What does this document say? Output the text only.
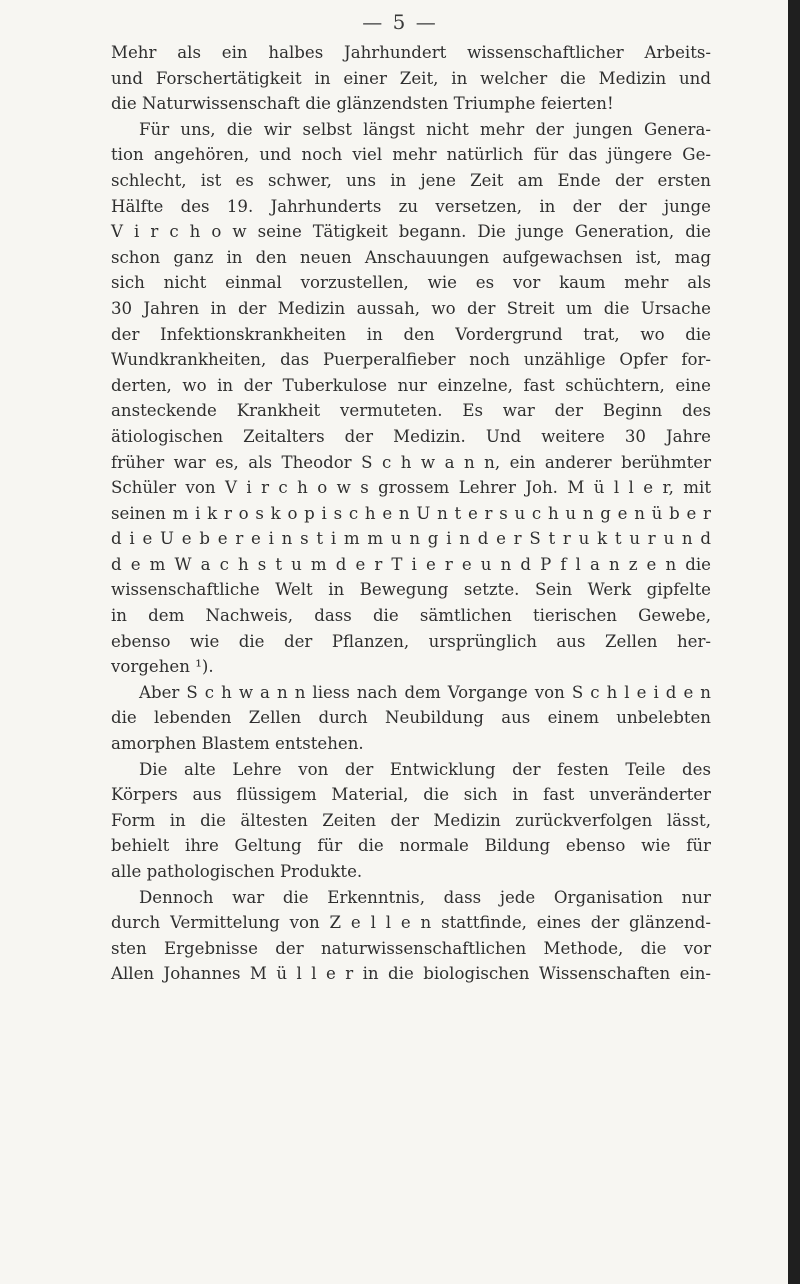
— 5 —
Mehr als ein halbes Jahrhundert wissenschaftlicher Arbeits-
und Forschertätigkeit in einer Zeit, in welcher die Medizin und
die Naturwissenschaft die glänzendsten Triumphe feierten!
Für uns, die wir selbst längst nicht mehr der jungen Genera-
tion angehören, und noch viel mehr natürlich für das jüngere Ge-
schlecht, ist es schwer, uns in jene Zeit am Ende der ersten
Hälfte des 19. Jahrhunderts zu versetzen, in der der junge
V i r c h o w seine Tätigkeit begann. Die junge Generation, die
schon ganz in den neuen Anschauungen aufgewachsen ist, mag
sich nicht einmal vorzustellen, wie es vor kaum mehr als
30 Jahren in der Medizin aussah, wo der Streit um die Ursache
der Infektionskrankheiten in den Vordergrund trat, wo die
Wundkrankheiten, das Puerperalfieber noch unzählige Opfer for-
derten, wo in der Tuberkulose nur einzelne, fast schüchtern, eine
ansteckende Krankheit vermuteten. Es war der Beginn des
ätiologischen Zeitalters der Medizin. Und weitere 30 Jahre
früher war es, als Theodor S c h w a n n, ein anderer berühmter
Schüler von V i r c h o w s grossem Lehrer Joh. M ü l l e r, mit
seinen m i k r o s k o p i s c h e n U n t e r s u c h u n g e n ü b e r
d i e U e b e r e i n s t i m m u n g i n d e r S t r u k t u r u n d
d e m W a c h s t u m d e r T i e r e u n d P f l a n z e n die
wissenschaftliche Welt in Bewegung setzte. Sein Werk gipfelte
in dem Nachweis, dass die sämtlichen tierischen Gewebe,
ebenso wie die der Pflanzen, ursprünglich aus Zellen her-
vorgehen ¹).
Aber S c h w a n n liess nach dem Vorgange von S c h l e i d e n
die lebenden Zellen durch Neubildung aus einem unbelebten
amorphen Blastem entstehen.
Die alte Lehre von der Entwicklung der festen Teile des
Körpers aus flüssigem Material, die sich in fast unveränderter
Form in die ältesten Zeiten der Medizin zurückverfolgen lässt,
behielt ihre Geltung für die normale Bildung ebenso wie für
alle pathologischen Produkte.
Dennoch war die Erkenntnis, dass jede Organisation nur
durch Vermittelung von Z e l l e n stattfinde, eines der glänzend-
sten Ergebnisse der naturwissenschaftlichen Methode, die vor
Allen Johannes M ü l l e r in die biologischen Wissenschaften ein-
